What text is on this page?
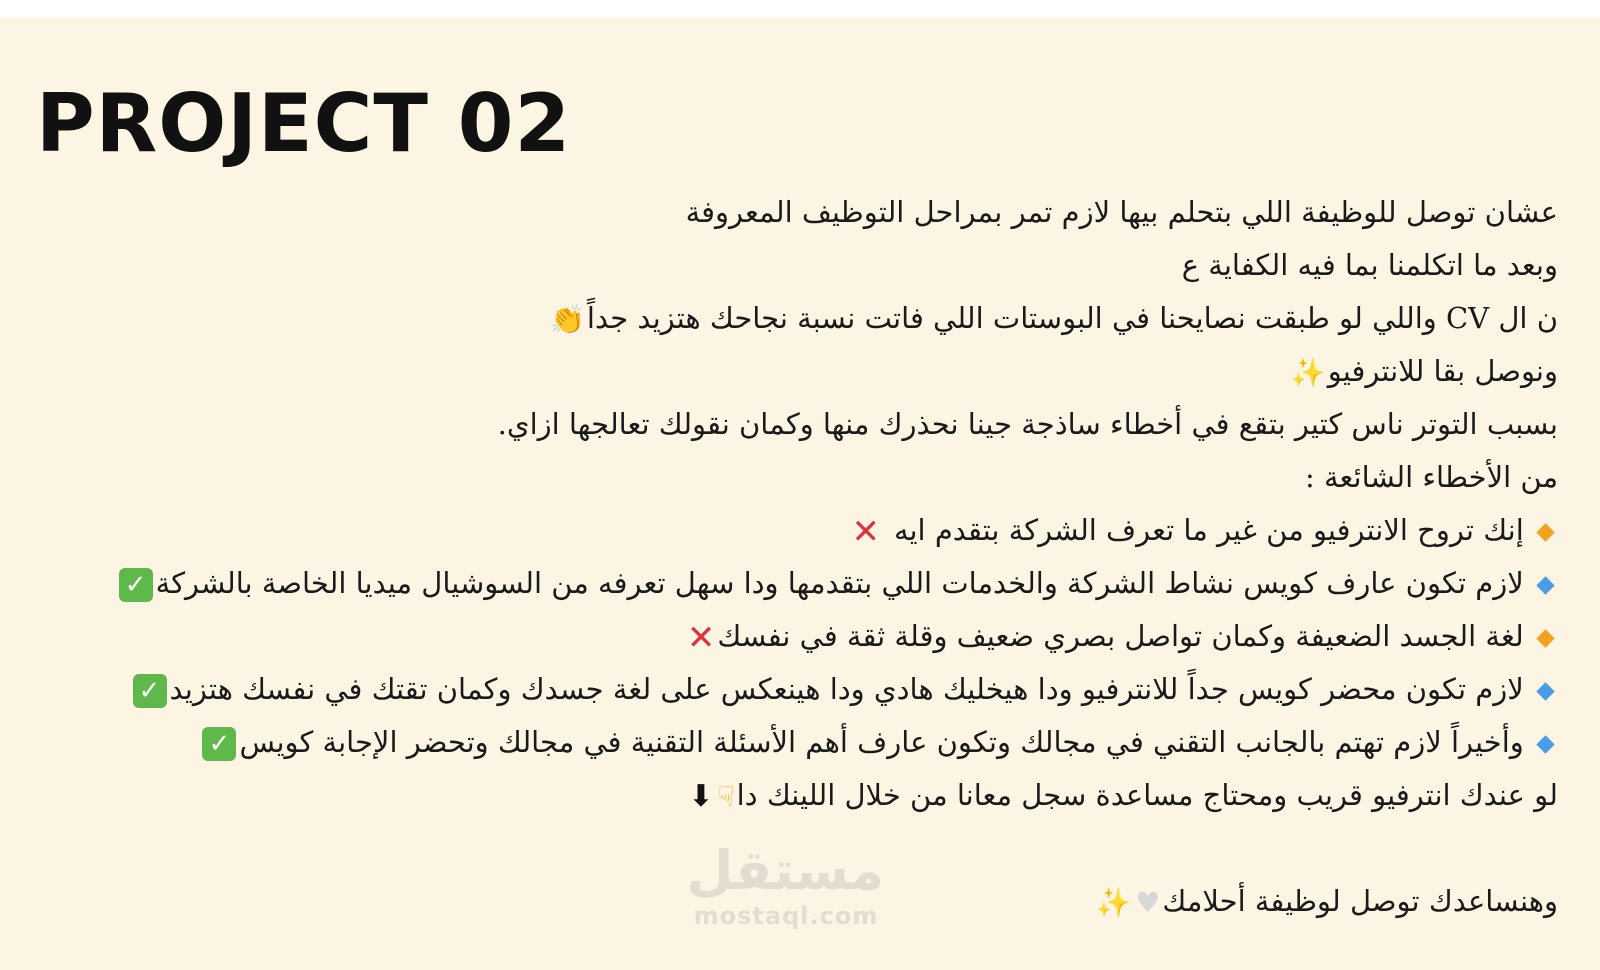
PROJECT 02
عشان توصل للوظيفة اللي بتحلم بيها لازم تمر بمراحل التوظيف المعروفة
وبعد ما اتكلمنا بما فيه الكفاية ع
ن ال CV واللي لو طبقت نصايحنا في البوستات اللي فاتت نسبة نجاحك هتزيد جداً👏
ونوصل بقا للانترفيو✨
بسبب التوتر ناس كتير بتقع في أخطاء ساذجة جينا نحذرك منها وكمان نقولك تعالجها ازاي.
من الأخطاء الشائعة :
إنك تروح الانترفيو من غير ما تعرف الشركة بتقدم ايه✕
لازم تكون عارف كويس نشاط الشركة والخدمات اللي بتقدمها ودا سهل تعرفه من السوشيال ميديا الخاصة بالشركة✓
لغة الجسد الضعيفة وكمان تواصل بصري ضعيف وقلة ثقة في نفسك✕
لازم تكون محضر كويس جداً للانترفيو ودا هيخليك هادي ودا هينعكس على لغة جسدك وكمان تقتك في نفسك هتزيد✓
وأخيراً لازم تهتم بالجانب التقني في مجالك وتكون عارف أهم الأسئلة التقنية في مجالك وتحضر الإجابة كويس✓
لو عندك انترفيو قريب ومحتاج مساعدة سجل معانا من خلال اللينك دا☟⬇
وهنساعدك توصل لوظيفة أحلامك♥✨
مستقل
mostaql.com
